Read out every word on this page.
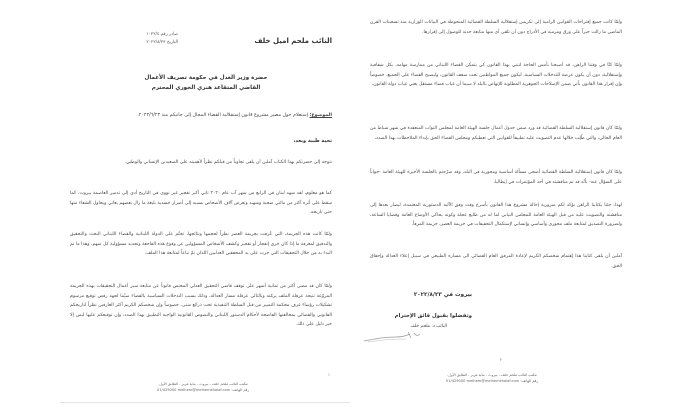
النائب ملحم اميل خلف
صادر رقم ١٠٢٢/٤
التاريخ ٢٠٢٢/٨/٢٣
حضرة وزير العدل في حكومة تصريف الأعمال
القاضي المتقاعد هنري الخوري المحترم
الموضوع: إستعلام حول مصير مشروع قانون إستقلالية القضاء المحال إلى جانبكم منذ ٢٠٢٢/٦/٢٣.
تحية طيبة وبعد،

نتوجه إلى حضرتكم بهذا الكتاب آملين أن يلقى تجاوباً من قبلكم نظراً لأهميته على الصعيدين الإنساني والوطني.

كما هو معلوم، لقد شهد لبنان في الرابع من شهر آب عام ٢٠٢٠ ثاني أكبر تفجير غير نووي في التاريخ أدى إلى تدمير العاصمة بيروت، كما سقط على أثره أكثر من مائتي ضحية وشهيد وتعرض آلاف الأشخاص بسببه إلى أضرار جسدية بليغة ما زال بعضهم يعاني ويحاول الشفاء منها حتى تاريخه.

ولمّا كانت هذه الجريمة، التي عُرفت بجريمة العصر نظراً لحجمها ونتائجها، تحتّم على الدولة اللبنانية والقضاء اللبناني البحث والتحقيق والتدقيق لمعرفة ما إذا كان جرى إنفجار أو تفجير وكشف الأشخاص المسؤولين عن وقوع هذه الفاجعة وتحديد مسؤولية كل منهم، وهذا ما تم البدء به من خلال التحقيقات التي جرت على يد المحققين العدليين اللذان تمّ تباعاً لمتابعة هذا الملف.

ولمّا كان قد مضى أكثر من ثمانية أشهر على توقف قاضي التحقيق العدلي المختص قانوناً عن متابعة سير أعمال التحقيقات بهذه الجريمة المروّعة نتيجة عرقلة الملف برمّته وبالتالي عرقلة مسار العدالة، وذلك بسبب التدخلات السياسية بالقضاء سيّما لجهة رفض توقيع مرسوم تشكيلات رؤساء غرف محكمة التمييز من قبل السلطة التنفيذية تحت ذرائع شتى، خصوصاً وإن شخصكم الكريم أكثر العارفين نظراً لتاريخكم القانوني والقضائي بمخالفتها الفاضحة لأحكام الدستور اللبناني والنصوص القانونية الواجبة التطبيق بهذا الصدد، وإن توقيعكم عليها ليس إلا خير دليل على ذلك.

١
مكتب النائب ملحم خلف - بيروت - بناية هربر - الطابق الأول.
رقم الهاتف: 01/429000 melhem@melhemkhalaf.com

ولمّا كانت جميع إقتراحات القوانين الرامية إلى تكريس إستقلالية السلطة القضائية المنحوطة في البيانات الوزارية منذ تسعينات القرن الماضي ما زالت حبراً على ورق ومرمية في الأدراج دون أن تلقى أي منها متابعة جدية للوصول إلى إقرارها.

ولمّا كنّا في وقتنا الراهن، قد أصبحنا بأمس الحاجة لتبني بهذا القانون كي يتمكن القضاء اللبناني من ممارسة مهامه، بكل شفافية وإستقلالية، دون أن يكون عرضة للتدخلات السياسية، ليكون جميع المواطنين تحت سقف القانون، وليصبح القضاء على الجميع، خصوصاً وإن إقرار هذا القانون يأتي ضمن الإصلاحات الجوهرية المطلوبة للإنهاض بالبلد لا سيما أن غياب قضاء مستقل يعني غياب دولة القانون،

ولمّا كان قانون إستقلالية السلطة القضائية قد ورد ضمن جدول أعمال جلسة الهيئة العامة لمجلس النواب المنعقدة في شهر شباط من العام الحالي، والتي طُلِب خلالها عدم التصويت عليه تطبيقاً للقوانين التي تعطيكم ومجلس القضاء الحق بإبداء الملاحظات بهذا الصدد،

ولمّا كان قانون إستقلالية السلطة القضائية أضحى مسألة أساسية ومحورية في البلد، وقد صرّحتم بالجلسة الأخيرة للهيئة العامة -جواباً على السؤال عنه- بأنّه قد تم مناقشته في أحد المؤتمرات في إيطاليا،

لهذا، جئنا بكتابنا الراهن نؤكد لكم ضرورية إحالة مشروع هذا القانون بأسرع وقت وفق الآلية الدستورية المعتمدة، ليصار بعدها إلى مناقشته والتصويت عليه من قبل الهيئة العامة للمجلس النيابي لما له من طابع عجلة وكونه يحاكي الأوضاع العامة وقضايا الساعة، ولضرورة التصديق لمتابعة ملف محوري وأساسي وإنساني لإستكمال التحقيقات في جريمة العصر، جريمة المرفأ.

آملين أن يلقى كتابنا هذا إهتمام شخصكم الكريم لإعادة المرفق العام القضائي الى مساره الطبيعي في سبيل إعلاء العدالة وإحقاق الحق.

بيروت في ٢٠٢٢/٨/٢٣
وتفضلوا بقبول فائق الإحترام
النائب د. ملحم خلف
٢
مكتب النائب ملحم خلف - بيروت - بناية هربر - الطابق الأول.
رقم الهاتف: 01/429000 melhem@melhemkhalaf.com
